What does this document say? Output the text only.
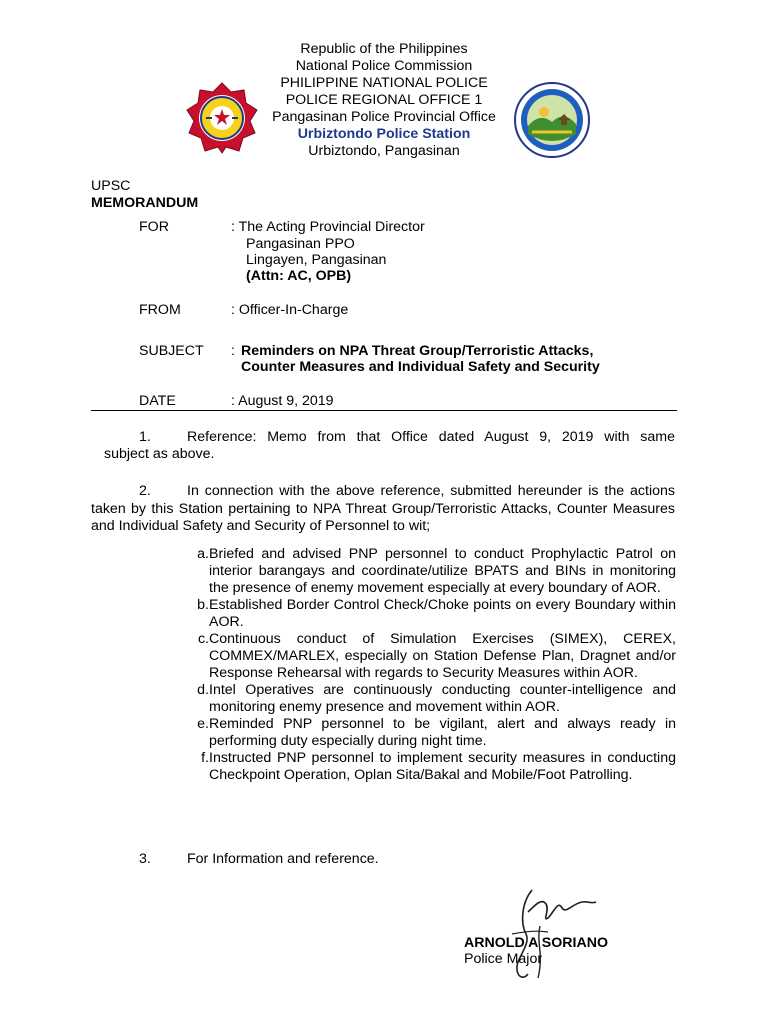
Republic of the Philippines
National Police Commission
PHILIPPINE NATIONAL POLICE
POLICE REGIONAL OFFICE 1
Pangasinan Police Provincial Office
Urbiztondo Police Station
Urbiztondo, Pangasinan
UPSC
MEMORANDUM
FOR	: The Acting Provincial Director
Pangasinan PPO
Lingayen, Pangasinan
(Attn: AC, OPB)
FROM	: Officer-In-Charge
SUBJECT : Reminders on NPA Threat Group/Terroristic Attacks,
Counter Measures and Individual Safety and Security
DATE	: August 9, 2019
1.	Reference: Memo from that Office dated August 9, 2019 with same
subject as above.
2.	In connection with the above reference, submitted hereunder is the actions taken by this Station pertaining to NPA Threat Group/Terroristic Attacks, Counter Measures and Individual Safety and Security of Personnel to wit;
a. Briefed and advised PNP personnel to conduct Prophylactic Patrol on interior barangays and coordinate/utilize BPATS and BINs in monitoring the presence of enemy movement especially at every boundary of AOR.
b. Established Border Control Check/Choke points on every Boundary within AOR.
c. Continuous conduct of Simulation Exercises (SIMEX), CEREX, COMMEX/MARLEX, especially on Station Defense Plan, Dragnet and/or Response Rehearsal with regards to Security Measures within AOR.
d. Intel Operatives are continuously conducting counter-intelligence and monitoring enemy presence and movement within AOR.
e. Reminded PNP personnel to be vigilant, alert and always ready in performing duty especially during night time.
f. Instructed PNP personnel to implement security measures in conducting Checkpoint Operation, Oplan Sita/Bakal and Mobile/Foot Patrolling.
3.	For Information and reference.
ARNOLD A SORIANO
Police Major
